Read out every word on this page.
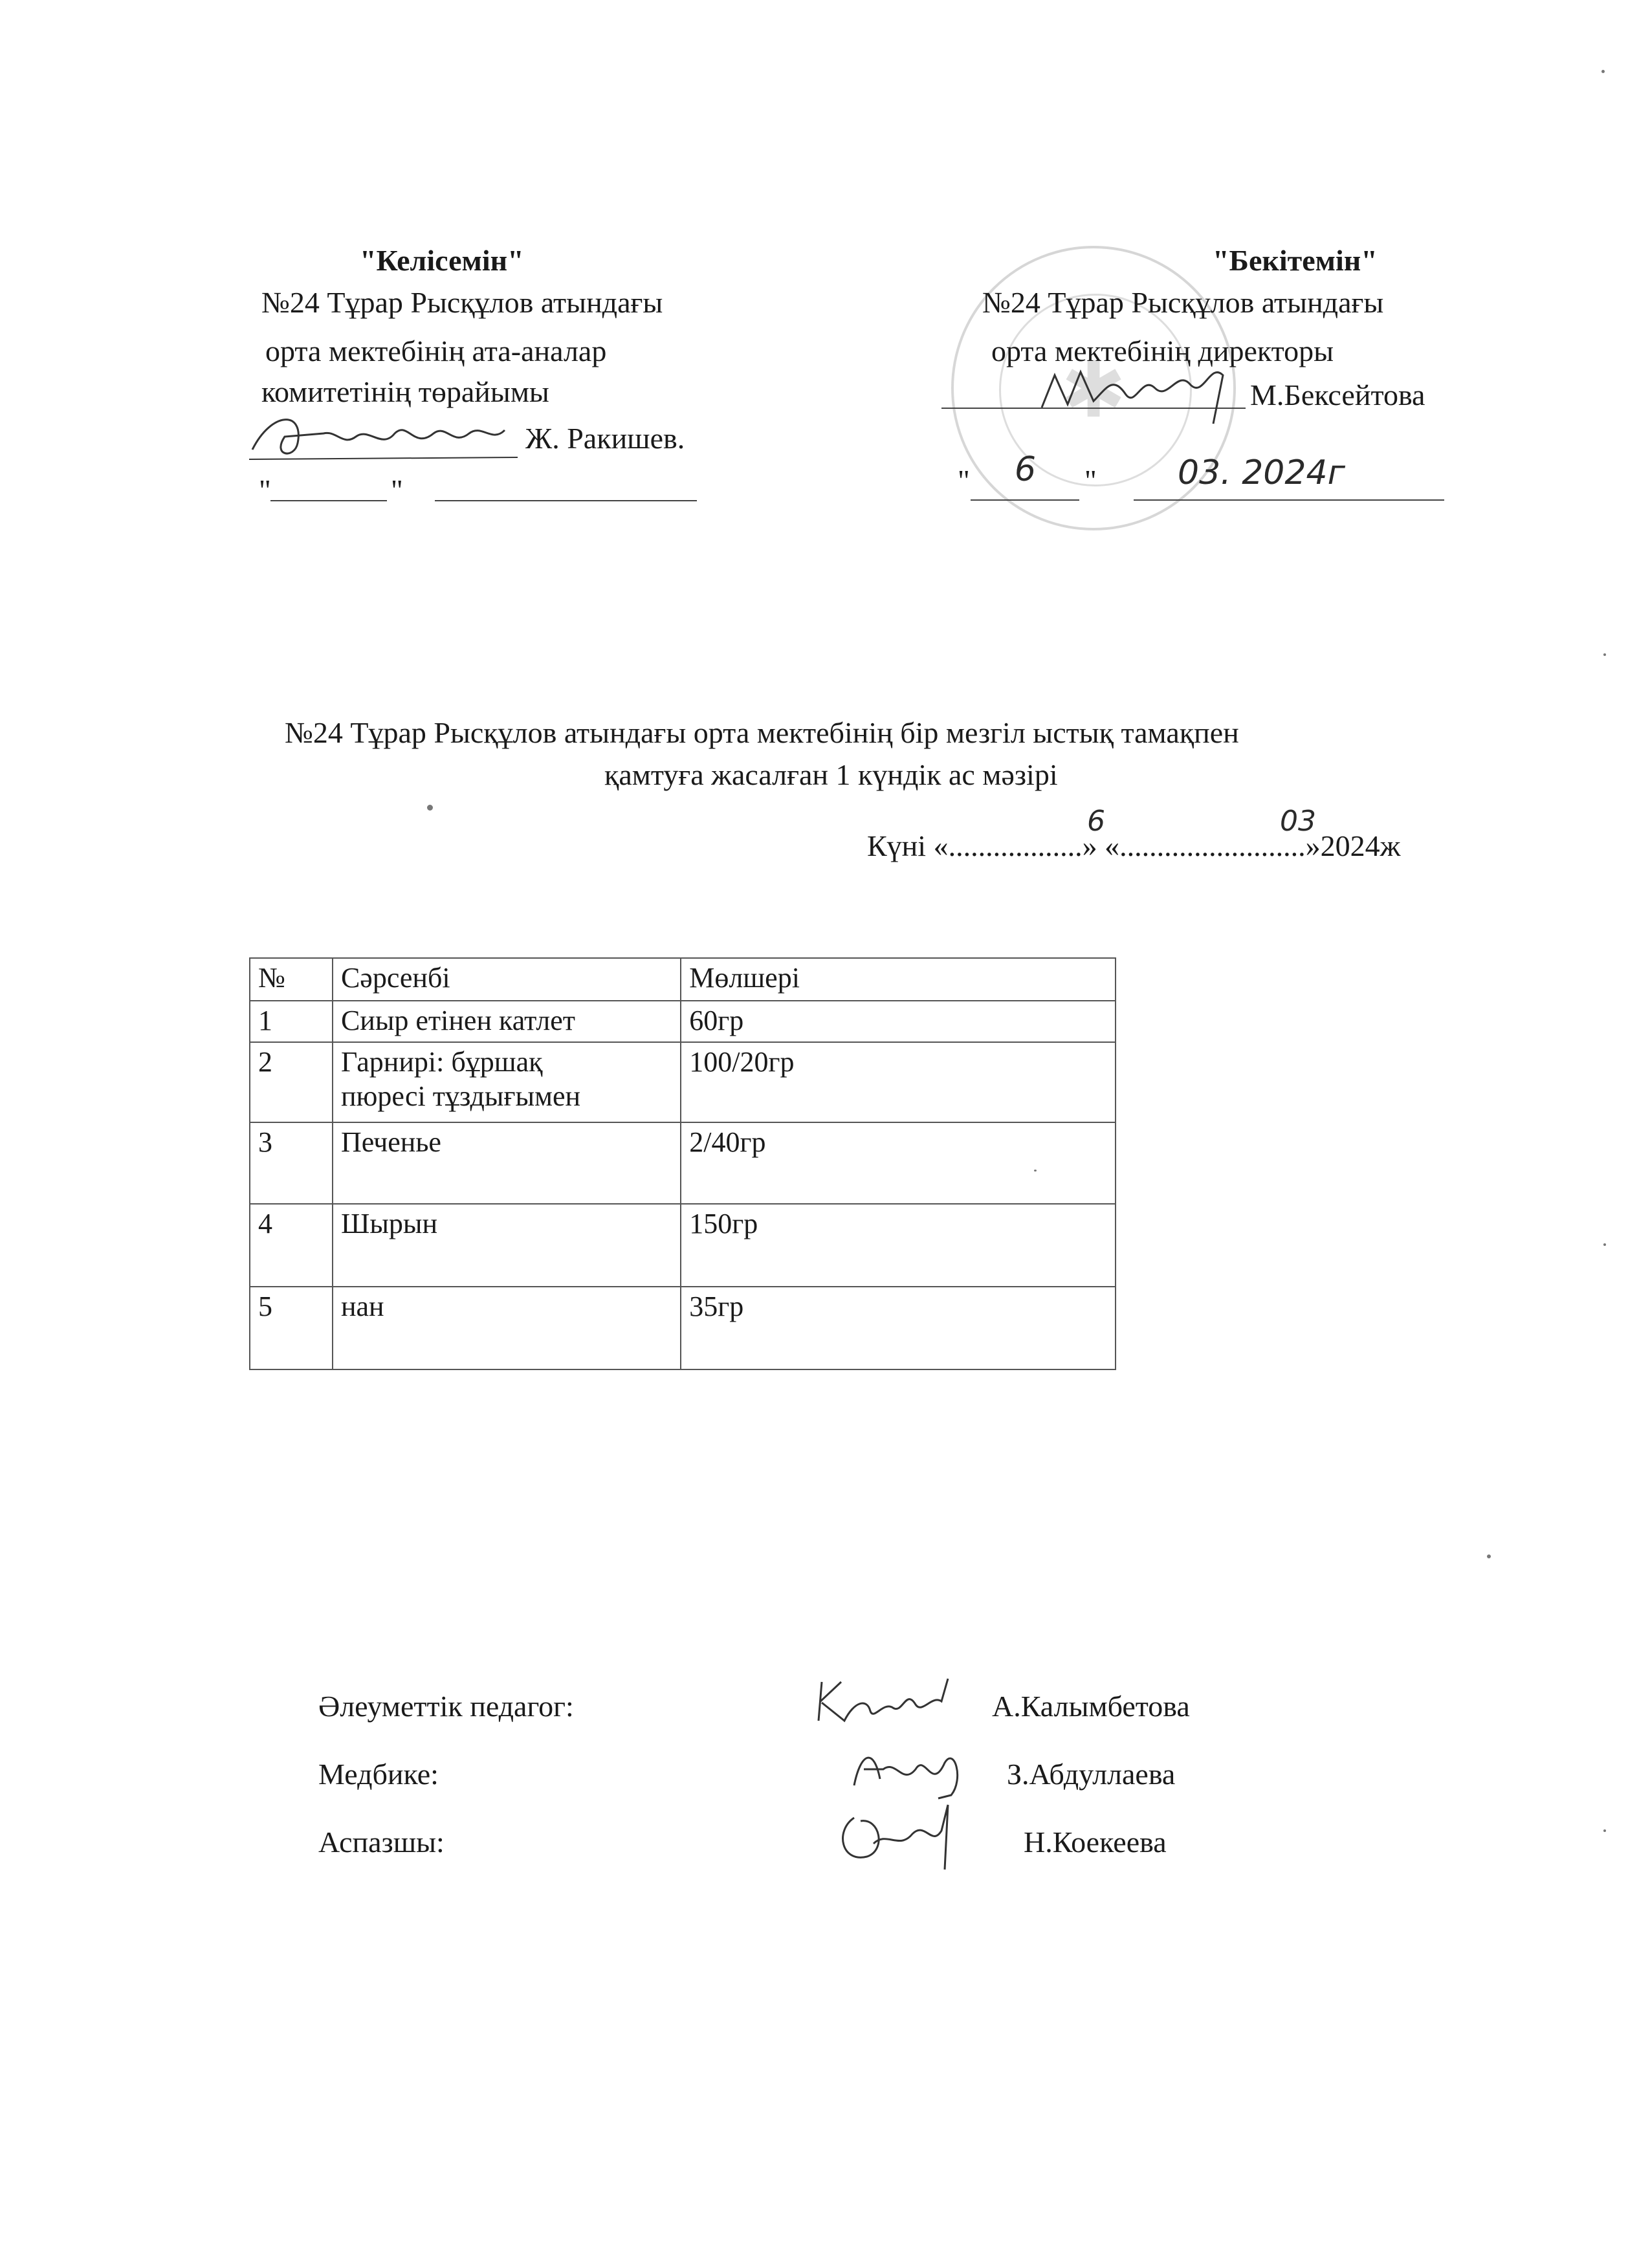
"Келісемін"
№24 Тұрар Рысқұлов атындағы
орта мектебінің ата-аналар
комитетінің төрайымы
Ж. Ракишев.
"	"
✱
"Бекітемін"
№24 Тұрар Рысқұлов атындағы
орта мектебінің директоры
М.Бексейтова
" 6 " 03. 2024г
№24 Тұрар Рысқұлов атындағы орта мектебінің бір мезгіл ыстық тамақпен
қамтуға жасалған 1 күндік ас мәзірі
Күні «..................» «.........................»2024ж
6	03
№	Сәрсенбі	Мөлшері
1	Сиыр етінен катлет	60гр
2	Гарнирі: бұршақ
пюресі тұздығымен	100/20гр
3	Печенье	2/40гр
4	Шырын	150гр
5	нан	35гр
Әлеуметтік педагог:	А.Калымбетова
Медбике:	З.Абдуллаева
Аспазшы:	Н.Коекеева
